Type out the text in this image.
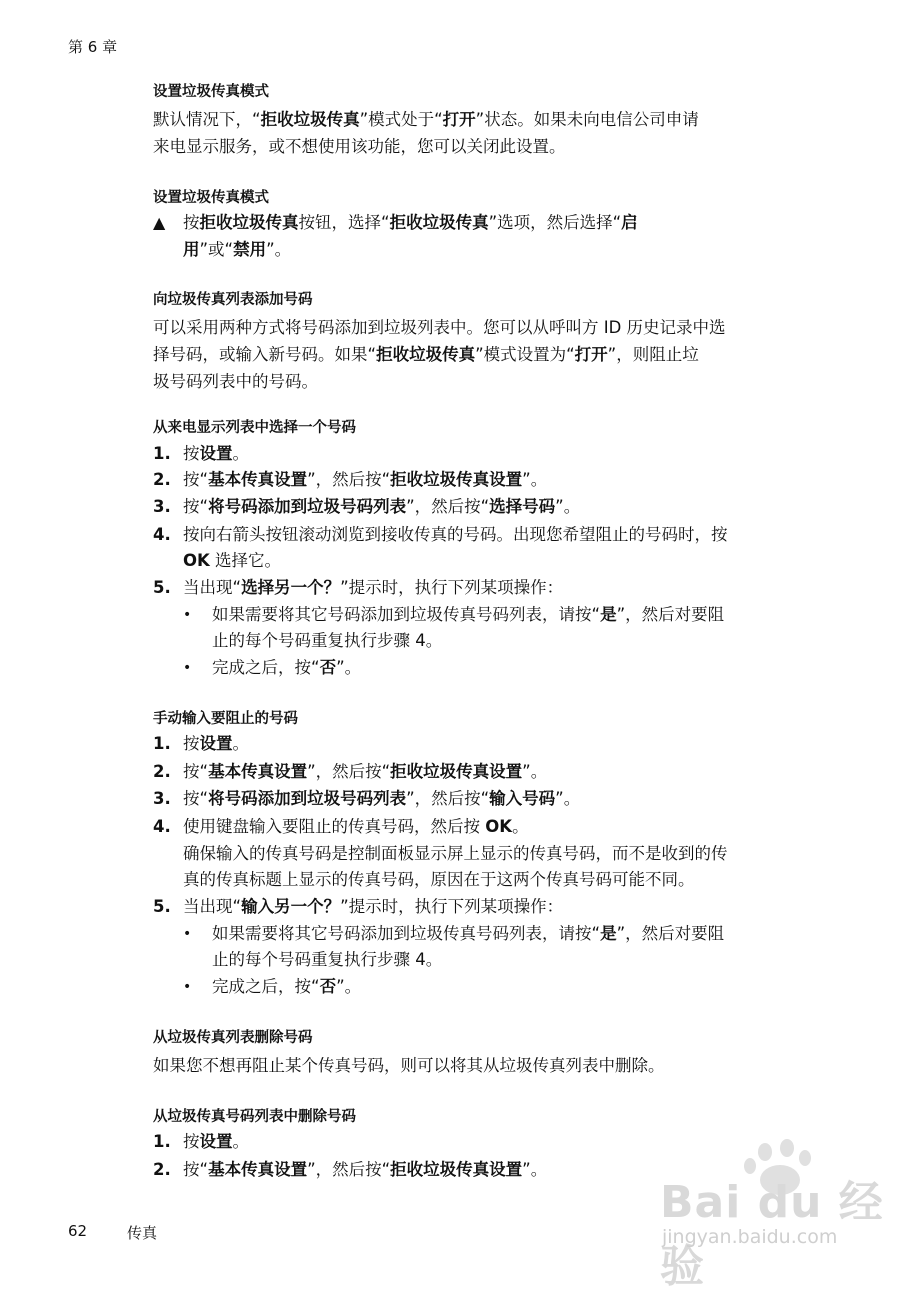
第 6 章
设置垃圾传真模式
默认情况下，“拒收垃圾传真”模式处于“打开”状态。如果未向电信公司申请
来电显示服务，或不想使用该功能，您可以关闭此设置。
设置垃圾传真模式
▲ 按拒收垃圾传真按钮，选择“拒收垃圾传真”选项，然后选择“启
用”或“禁用”。
向垃圾传真列表添加号码
可以采用两种方式将号码添加到垃圾列表中。您可以从呼叫方 ID 历史记录中选
择号码，或输入新号码。如果“拒收垃圾传真”模式设置为“打开”，则阻止垃
圾号码列表中的号码。
从来电显示列表中选择一个号码
1. 按设置。
2. 按“基本传真设置”，然后按“拒收垃圾传真设置”。
3. 按“将号码添加到垃圾号码列表”，然后按“选择号码”。
4. 按向右箭头按钮滚动浏览到接收传真的号码。出现您希望阻止的号码时，按
OK 选择它。
5. 当出现“选择另一个？”提示时，执行下列某项操作：
• 如果需要将其它号码添加到垃圾传真号码列表，请按“是”，然后对要阻
止的每个号码重复执行步骤 4。
• 完成之后，按“否”。
手动输入要阻止的号码
1. 按设置。
2. 按“基本传真设置”，然后按“拒收垃圾传真设置”。
3. 按“将号码添加到垃圾号码列表”，然后按“输入号码”。
4. 使用键盘输入要阻止的传真号码，然后按 OK。
确保输入的传真号码是控制面板显示屏上显示的传真号码，而不是收到的传
真的传真标题上显示的传真号码，原因在于这两个传真号码可能不同。
5. 当出现“输入另一个？”提示时，执行下列某项操作：
• 如果需要将其它号码添加到垃圾传真号码列表，请按“是”，然后对要阻
止的每个号码重复执行步骤 4。
• 完成之后，按“否”。
从垃圾传真列表删除号码
如果您不想再阻止某个传真号码，则可以将其从垃圾传真列表中删除。
从垃圾传真号码列表中删除号码
1. 按设置。
2. 按“基本传真设置”，然后按“拒收垃圾传真设置”。
Bai du 经验
jingyan.baidu.com
62	传真
